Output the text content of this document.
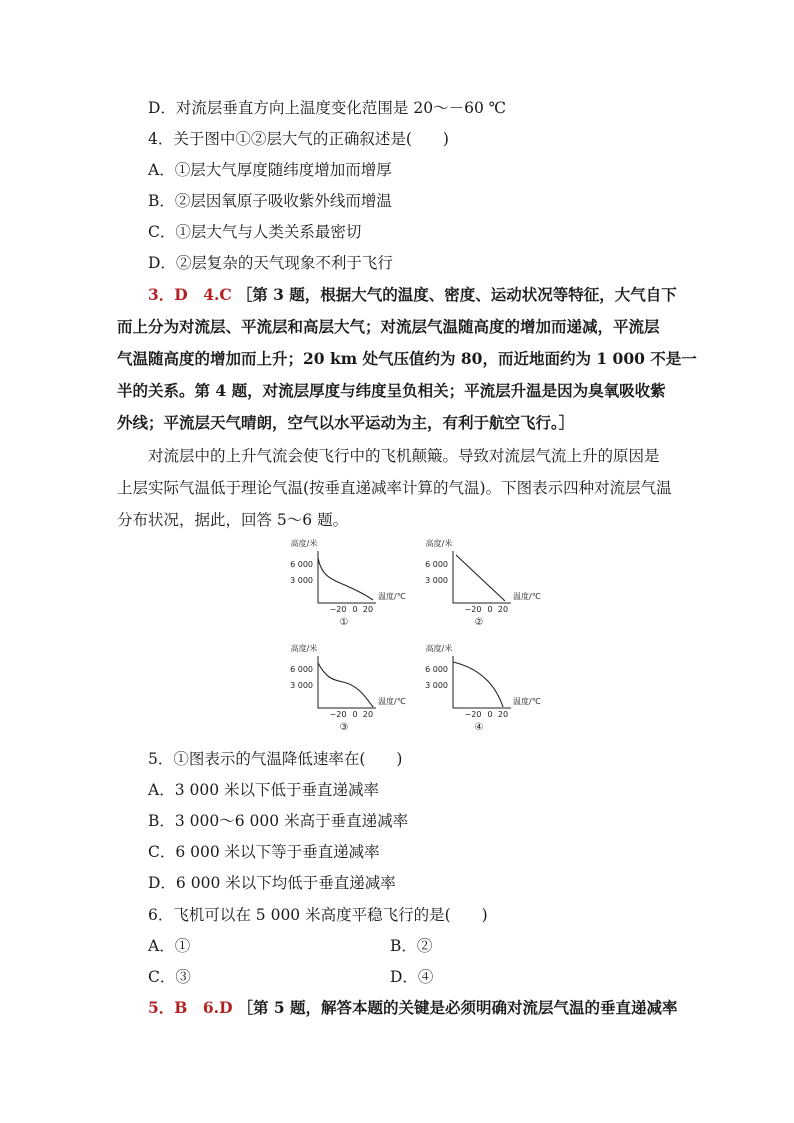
D．对流层垂直方向上温度变化范围是 20～－60 ℃
4．关于图中①②层大气的正确叙述是(　　)
A．①层大气厚度随纬度增加而增厚
B．②层因氧原子吸收紫外线而增温
C．①层大气与人类关系最密切
D．②层复杂的天气现象不利于飞行
3．D　4.C ［第 3 题，根据大气的温度、密度、运动状况等特征，大气自下
而上分为对流层、平流层和高层大气；对流层气温随高度的增加而递减，平流层
气温随高度的增加而上升；20 km 处气压值约为 80，而近地面约为 1 000 不是一
半的关系。第 4 题，对流层厚度与纬度呈负相关；平流层升温是因为臭氧吸收紫
外线；平流层天气晴朗，空气以水平运动为主，有利于航空飞行。］
对流层中的上升气流会使飞行中的飞机颠簸。导致对流层气流上升的原因是
上层实际气温低于理论气温(按垂直递减率计算的气温)。下图表示四种对流层气温
分布状况，据此，回答 5～6 题。
高度/米
6 000
3 000
−20 0 20
温度/℃
①
高度/米
6 000
3 000
−20 0 20
温度/℃
②
高度/米
6 000
3 000
−20 0 20
温度/℃
③
高度/米
6 000
3 000
−20 0 20
温度/℃
④
5．①图表示的气温降低速率在(　　)
A．3 000 米以下低于垂直递减率
B．3 000～6 000 米高于垂直递减率
C．6 000 米以下等于垂直递减率
D．6 000 米以下均低于垂直递减率
6．飞机可以在 5 000 米高度平稳飞行的是(　　)
A．①	B．②
C．③	D．④
5．B　6.D ［第 5 题，解答本题的关键是必须明确对流层气温的垂直递减率
